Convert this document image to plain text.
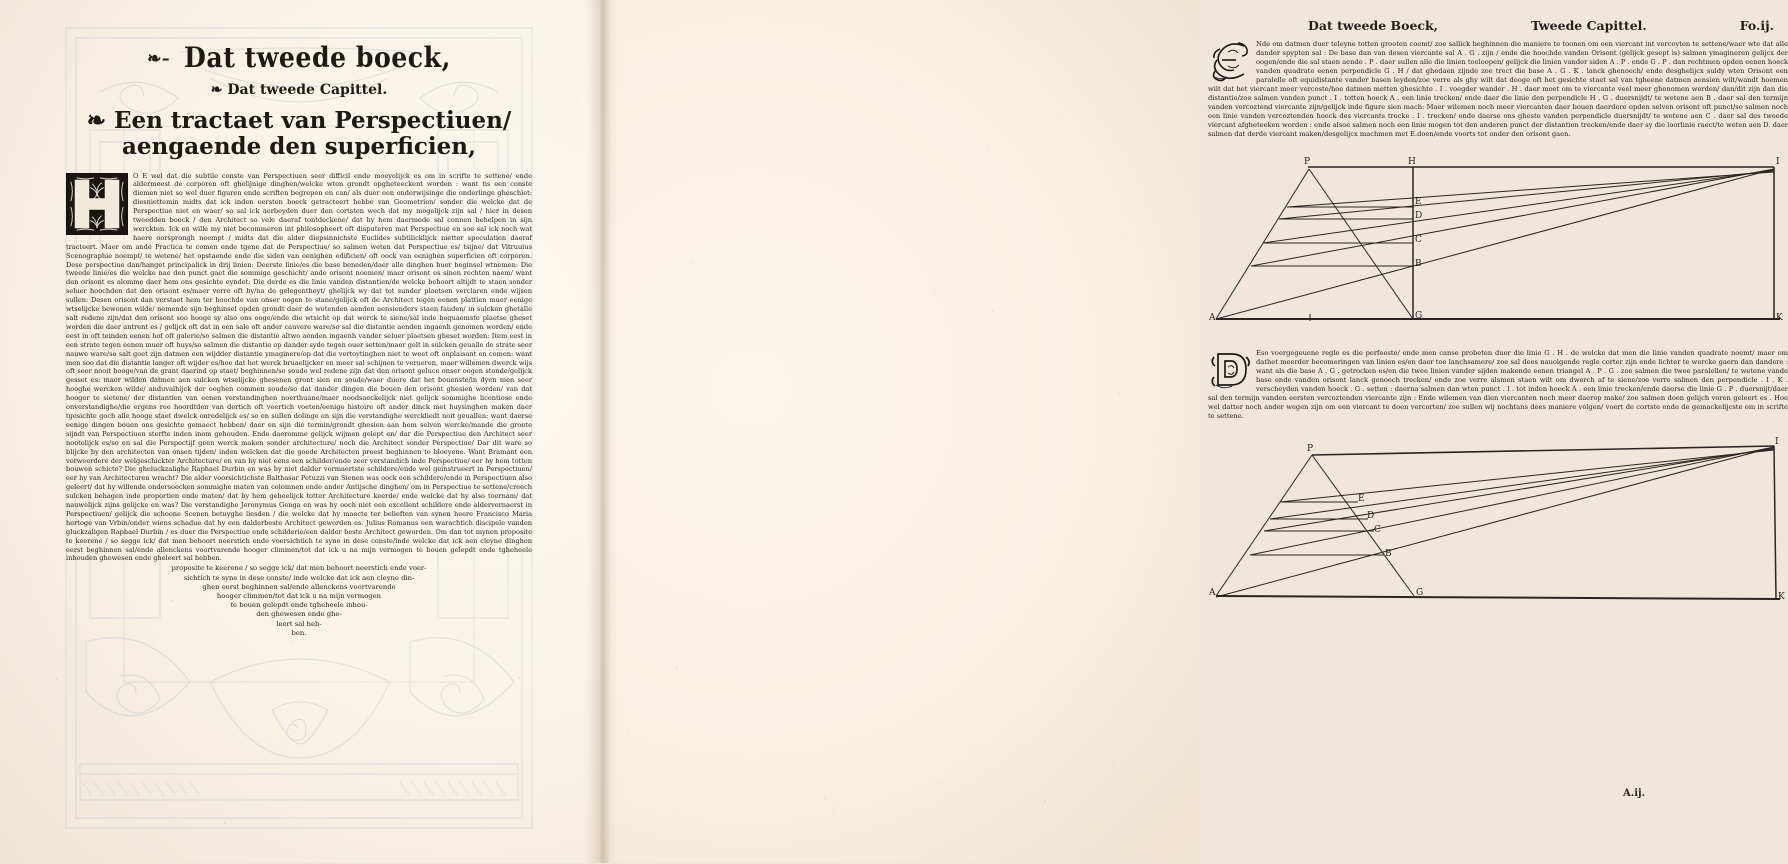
❧– Dat tweede boeck,
❧ Dat tweede Capittel.
❧ Een tractaet van Perspectiuen/
aengaende den superficien,

O E wel dat die subtile conste van Perspectiuen seer difficil ende moeyelijck es om in scrifte te settene/ ende aldermeest de corporen oft ghelijnige dinghen/welcke wten grondt opgheteeckent worden : want tis een conste diemen niet so wel duer figuren ende scriften begrepen en can/ als duer een onderwijsinge die onderlinge gheschiet: diesniettemin midts dat ick inden eersten boeck getracteert hebbe van Geometrien/ sonder die welcke dat de Perspectiue niet en waer/ so sal ick aerbeyden duer den cortsten wech dat my mogelijck zijn sal / hier in desen tweedden boeck / den Architect so vele daeraf tontdeckene/ dat hy hem daermede sal connen behelpen in sijn werckten. Ick en wille my niet becommeren int philosopheert oft disputeren mat Perspectiue en soe sal ick noch wat haere oorsprongh neempt / midts dat die alder diepsinnichste Euclides subtilicklijck nietter speculatien daeraf tracteert. Maer om ande Practica te comen ende tgene dat de Perspectiue/ so salmen weten dat Perspectiue es/ tsijne/ dat Vitruuius Scenographie noempt/ te wetene/ het opstaende ende die siden van eenighen edificien/ oft oock van eenighen superficien oft corporen. Dese perspectiue dan/hanget principalick in drij linien: Deerste linie/es die base beneden/daer alle dinghen huer beginsel wtnemen: Die tweede linie/es die welcke nae den punct gaet die sommige geschicht/ ande orisont noemen/ maer orisont es sinen rechten naem/ want den orisont es alomme daer hem ons gesichte eyndet: Die derde es die linie vanden distantien/de welcke behoort altijdt te staen sonder seluer hoochden dat den orisont es/maer verre oft by/na de gelegentheyt/ ghelijck wy dat tot sunder plaetsen verclaren ende wijsen sullen: Desen orisont dan verstaet hem ter hoochde van onser oogen te stane/gelijck oft de Architect tegen eenen plattien muer eenige wtselijcke bewonen wilde/ nemende sijn beghinsel opden grondt daer de wetenden aenden aensienders staen fauden/ in sulcken ghetalle salt redene zijn/dat den orisont soo hooge sy also ons ooge/ende die wtsicht op dat werck te siene/sal inde bequaemste plaetse gheset worden die daer antrent es / gelijck oft dat in een sale oft ander cauvere ware/so sal die distantie aenden ingaenh genomen worden/ ende eest in oft teinden eenen hof oft galerie/so salmen die distantie altwo aenden ingaenh vander seluer plaetsen gheset worden: Item eest in een strate tegen eenen muer oft huys/so salmen die distantie op dander syde tegen ouer setten/maer gelt in sulcken geualle de strate seer nauwe ware/so salt goet zijn datmen een wijdder distantie ymaginere/op dat die vertoytinghen niet te weet oft onplaisant en comen: want men soo dat die distantie langer oft wijder es/hoe dat het werck bruaelijcker en meer sal schijnen te verueren, maer willemen dwerck wijs oft seer nooit hooge/van de grant daerind op staet/ beghinnen/so soude wel redene zijn dat den orisont geluce onser oogen stonde/gelijck gesset es: maer wilden datmen aen sulcken wtselijcke ghesenen gront sien en soude/waer duere dat het bouenste/in dyen men seer hooghe wercken wilde/ anduvalhijck der ooghen commen soude/so dat dander dingen die bouen den orisont ghesien worden/ van dat hooger te sietene/ der distantien van eenen verstandinghen noerthuane/maer noodsaeckelijck niet gelijck sommighe licentiose ende onverstandighe/die ergens ree hoordtden van dertich oft veertich voeten/eenige histoire oft ander dinck met huysinghen maken daer tgesichte goch alle hooge staet dwelck onredelijck es/ so en sullen dolinge en sijn die verstandighe werckliedt noit geuallen: want daerse eenige dingen bouen ons gesichte gemaect hebben/ daer en sijn die termin/grondt ghesien aan hem selven wercke/mande die groote sijndt van Perspectiuen sterfte inden inom gehouden. Ende daeromme gelijck wijmen gelept en/ dar die Perspectiue den Architect seer nootelijck es/so en sal die Perspectijf geen werck maken sonder architecture/ noch die Architect sonder Perspectiue/ Dar dit ware so blijcke by den architecten van onsen tijden/ inden welcken dat die goede Architecten preest beghinnen te bloeyene. Want Bramant een verweerdere der welgeschickter Architecture/ en van hy niet eens een schilder/ende zeer verstandich inde Perspectiue/ eer hy hem totten bouwen schicte? Die gheluckzalighe Raphael Durbin en was hy niet dalder vermaertste schildere/ende wel geinstrueert in Perspectiuen/ eer hy van Architecturen wracht? Die alder voorsichtichste Balthasar Petuzzi van Sienen was oock een schildere/ende in Perspectiuen also geleert/ dat hy willende ondersoecken sommighe maten van colomnen ende ander Antijsche dinghen/ om in Perspectiue te settene/creech sulcken behagen inde proportien ende maten/ dat hy hem geheelijck totter Architecture keerde/ ende welcke dat hy also toernam/ dat nauwelijck zijns gelijcke en was? Die verstandighe Jeronymus Genga en was hy ooch niet een excellent schildere ende aldervernaerst in Perspectiuen/ gelijck die schoone Scenen betuyghe liesden / die welcke dat hy maecte ter belieften van synen heere Francisco Maria hertoge van Vrbin/onder wiens schadue dat hy een dalderbeste Architect geworden es. Julius Romanus een warachtich discipele vanden gluckzaligen Raphael Durbin / es duer die Perspectiue ende schilderie/een dalder beste Architect geworden. Om dan tot mynen proposite te keerene / so segge ick/ dat men behoort neerstich ende voersichtich te syne in dese conste/inde welcke dat ick aen cleyne dinghen eerst beghinnen sal/ende allenckens voortvarende hooger climmen/tot dat ick u na mijn vermogen te bouen gelepdt ende tgheheele inhouden ghewesen ende gheleert sal hebben.

proposite te keerene / so segge ick/ dat men behoort neerstich ende voer‐
sichtich te syne in dese conste/ inde welcke dat ick aen cleyne din‐
ghen eerst beghinnen sal/ende allenckens voortvarende
hooger climmen/tot dat ick u na mijn vermogen
te bouen gelepdt ende tgheheele inhou‐
den ghewesen ende ghe‐
leert sal heb‐
ben.
Dat tweede Boeck,	Tweede Capittel.	Fo.ij.

Nde om datmen duer teleyne totten grooten coemt/ zoe sallick beghinnen die maniere te toonen om een viercant int vercoyten te settene/waer wte dat alle dander spypten sal : De base dan van desen viercante sal A . G . zijn / ende die hoochde vanden Orisont (gelijck gesept is) salmen ymagineren gelijcx der oogen/ende die sal staen aende . P . daer sullen alle die linien toeloopen/ gelijck die linien vander siden A . P . ende G . P . dan rechtmen opden eenen hoeck vanden quadrate eenen perpendicle G . H / dat ghedaen zijnde zoe trect die base A . G . K . lanck ghenoech/ ende desghelijcx suldy wten Orisont een paralelle oft equidistante vander basen leyden/zoe verre als ghy wilt dat dooge oft het gesichte staet sal van tgheene datmen aensien wilt/wandt hoemen wilt dat het viercant meer vercoste/hoe datmen metten ghesichte . I . voegder wander . H . daer moet om te viercante veel meer ghenomen werden/ dan/dit zijn dan die distantie/zoe salmen vanden punct . I . totten hoeck A . een linie trecken/ ende daer die linie den perpendicle H . G . duersnijdt/ te wetene aen B . daer sal den termijn vanden vercoztend viercante zijn/gelijck inde figure sien mach: Maer wilemen noch meer viercanten daer bouen daerdere opden selven orisont oft punct/so salmen noch een linie vanden vercoztenden hoeck des viercants trecke . I . trecken/ ende daerse ons gheste vanden perpendicle duersnijdt/ te wetene aen C . daer sal des tweede viercant afgheteeken worden : ende alsoe salmen noch een linie mogen tot den anderen punct der distantien trecken/ende daer sy die loorlinie raect/te weten aen D. daer salmen dat derde viercant maken/desgelijcx machmen met E.doen/ende voorts tot onder den orisont gaen.

P	H	I
E
D
C
B
G
A	K

Eso voergegeuene regle es die perfeeste/ ende men canse probeten duer die linie G . H . de welcke dat men die linie vanden quadrate noemt/ maer om dathet meerder becomeringen van linien es/en daer toe lanchsamere/ zoe sal dees nauolgende regle corter zijn ende lichter te wercke gaern dan dandere : want als die base A . G . getrocken es/en die twee linien vander sijden makende eenen triangel A . P . G . zoe salmen die twee paralellen/ te wetene vande base ende vanden orisont lanck genoech trecken/ ende zoe verre alsmen staen wilt om dwerch af te siene/zoe verre salmen den perpendicle . I . K . verscheyden vanden hoeck . G . setten : daerna salmen dan wten punct . I . tot inden hoeck A . een linie trecken/ende daerse die linie G . P . duersnijt/daer sal den termijn vanden eersten vercoztenden viercante zijn : Ende wilemen van dien viercanten noch meer daerop make/ zoe salmen doen gelijch voren geleert es . Hoe wel datter noch ander wegen zijn om een viercant te doen vercorten/ zoe sullen wij nochtans dees maniere volgen/ voert de cortste ende de gemackelijcste om in scrifte te settene.

P
I
E
D
C
B
A	G	K
A.ij.
